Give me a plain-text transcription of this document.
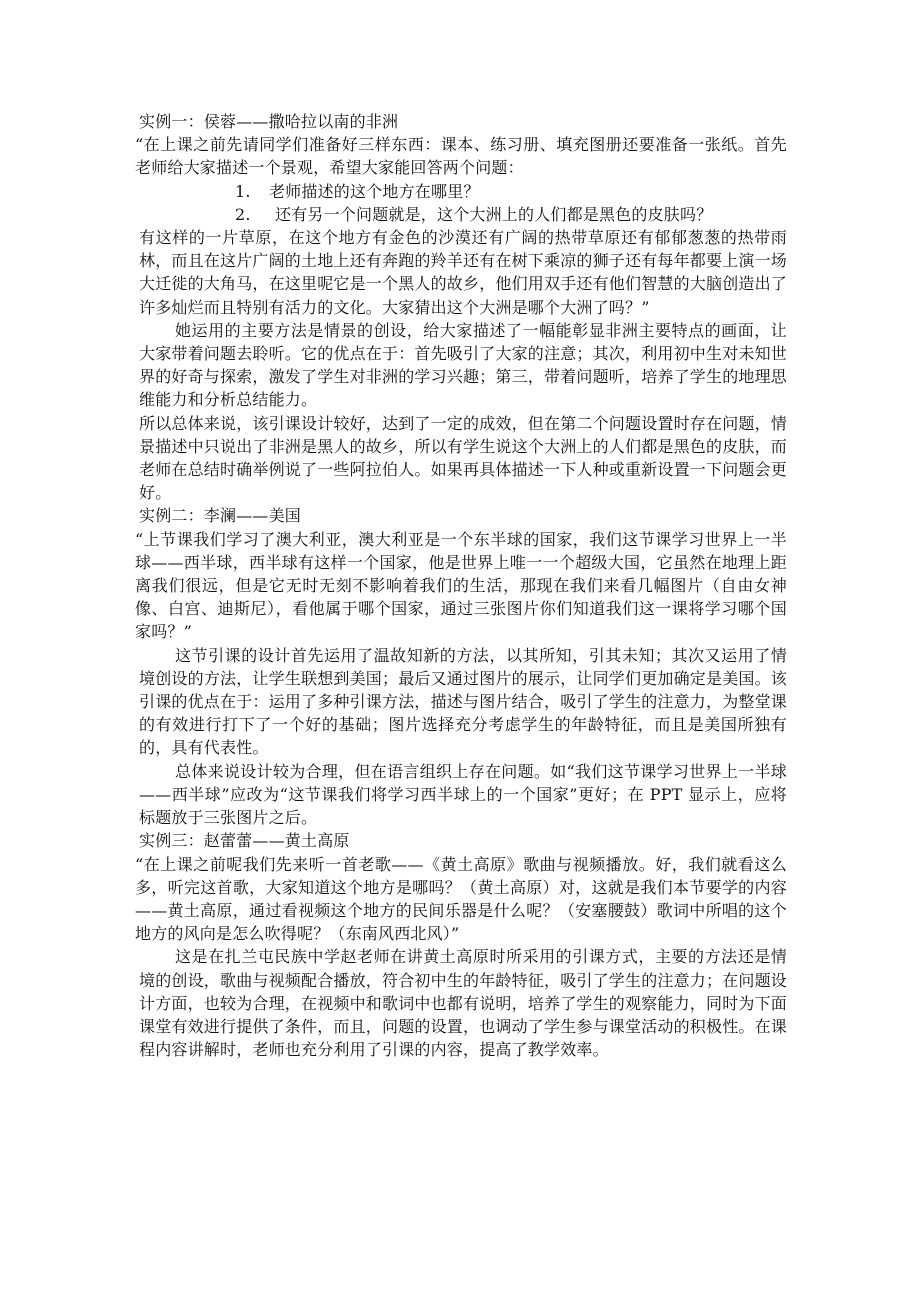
实例一：侯蓉——撒哈拉以南的非洲

“在上课之前先请同学们准备好三样东西：课本、练习册、填充图册还要准备一张纸。首先老师给大家描述一个景观，希望大家能回答两个问题：

1. 老师描述的这个地方在哪里？

2. 还有另一个问题就是，这个大洲上的人们都是黑色的皮肤吗？

有这样的一片草原，在这个地方有金色的沙漠还有广阔的热带草原还有郁郁葱葱的热带雨林，而且在这片广阔的土地上还有奔跑的羚羊还有在树下乘凉的狮子还有每年都要上演一场大迁徙的大角马，在这里呢它是一个黑人的故乡，他们用双手还有他们智慧的大脑创造出了许多灿烂而且特别有活力的文化。大家猜出这个大洲是哪个大洲了吗？”

她运用的主要方法是情景的创设，给大家描述了一幅能彰显非洲主要特点的画面，让大家带着问题去聆听。它的优点在于：首先吸引了大家的注意；其次，利用初中生对未知世界的好奇与探索，激发了学生对非洲的学习兴趣；第三，带着问题听，培养了学生的地理思维能力和分析总结能力。

所以总体来说，该引课设计较好，达到了一定的成效，但在第二个问题设置时存在问题，情景描述中只说出了非洲是黑人的故乡，所以有学生说这个大洲上的人们都是黑色的皮肤，而老师在总结时确举例说了一些阿拉伯人。如果再具体描述一下人种或重新设置一下问题会更好。

实例二：李澜——美国

“上节课我们学习了澳大利亚，澳大利亚是一个东半球的国家，我们这节课学习世界上一半球——西半球，西半球有这样一个国家，他是世界上唯一一个超级大国，它虽然在地理上距离我们很远，但是它无时无刻不影响着我们的生活，那现在我们来看几幅图片（自由女神像、白宫、迪斯尼），看他属于哪个国家，通过三张图片你们知道我们这一课将学习哪个国家吗？”

这节引课的设计首先运用了温故知新的方法，以其所知，引其未知；其次又运用了情境创设的方法，让学生联想到美国；最后又通过图片的展示，让同学们更加确定是美国。该引课的优点在于：运用了多种引课方法，描述与图片结合，吸引了学生的注意力，为整堂课的有效进行打下了一个好的基础；图片选择充分考虑学生的年龄特征，而且是美国所独有的，具有代表性。

总体来说设计较为合理，但在语言组织上存在问题。如“我们这节课学习世界上一半球——西半球”应改为“这节课我们将学习西半球上的一个国家”更好；在 PPT 显示上，应将标题放于三张图片之后。

实例三：赵蕾蕾——黄土高原

“在上课之前呢我们先来听一首老歌——《黄土高原》歌曲与视频播放。好，我们就看这么多，听完这首歌，大家知道这个地方是哪吗？（黄土高原）对，这就是我们本节要学的内容——黄土高原，通过看视频这个地方的民间乐器是什么呢？（安塞腰鼓）歌词中所唱的这个地方的风向是怎么吹得呢？（东南风西北风）”

这是在扎兰屯民族中学赵老师在讲黄土高原时所采用的引课方式，主要的方法还是情境的创设，歌曲与视频配合播放，符合初中生的年龄特征，吸引了学生的注意力；在问题设计方面，也较为合理，在视频中和歌词中也都有说明，培养了学生的观察能力，同时为下面课堂有效进行提供了条件，而且，问题的设置，也调动了学生参与课堂活动的积极性。在课程内容讲解时，老师也充分利用了引课的内容，提高了教学效率。
